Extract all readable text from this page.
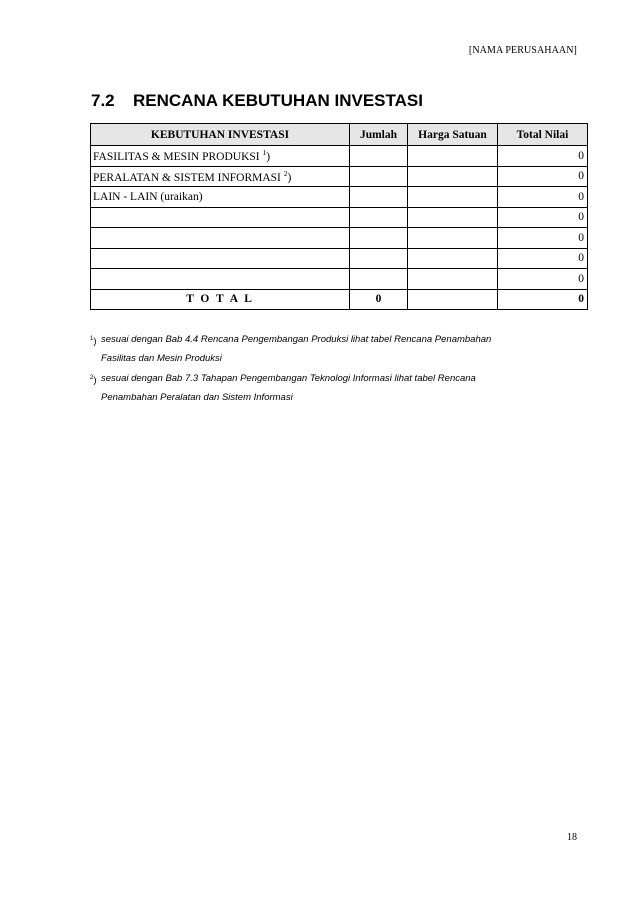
[NAMA PERUSAHAAN]
7.2 RENCANA KEBUTUHAN INVESTASI
KEBUTUHAN INVESTASI	Jumlah	Harga Satuan	Total Nilai
FASILITAS & MESIN PRODUKSI $^1$)			0
PERALATAN & SISTEM INFORMASI $^2$)			0
LAIN - LAIN (uraikan)			0
			0
			0
			0
			0
T O T A L	0		0
$^1$) sesuai dengan Bab 4.4 Rencana Pengembangan Produksi lihat tabel Rencana Penambahan
Fasilitas dan Mesin Produksi
$^2$) sesuai dengan Bab 7.3 Tahapan Pengembangan Teknologi Informasi lihat tabel Rencana
Penambahan Peralatan dan Sistem Informasi
18
